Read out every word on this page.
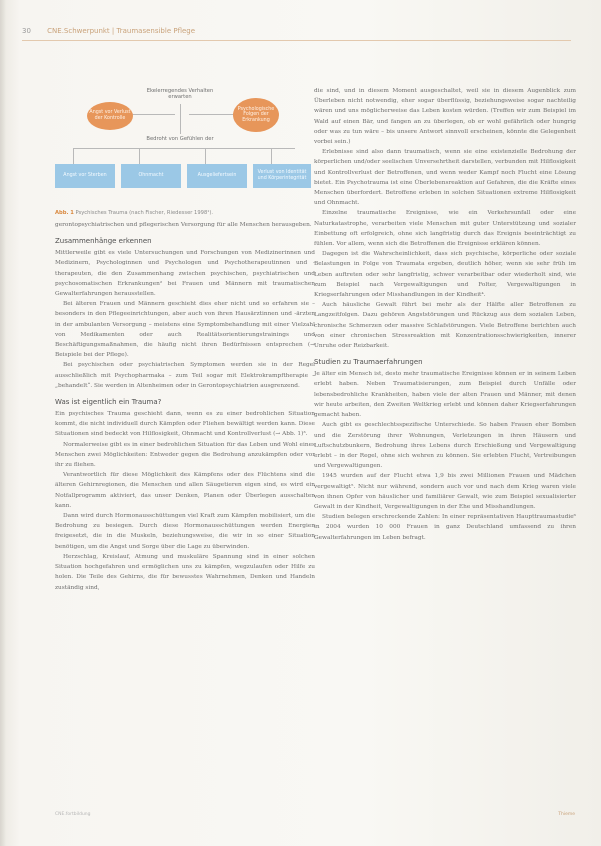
30 CNE.Schwerpunkt | Traumasensible Pflege
Ekelerregendes Verhalten
erwarten
Angst vor Verlust der Kontrolle
Psychologische Folgen der Erkrankung
Bedroht von Gefühlen der
Angst vor Sterben	Ohnmacht	Ausgeliefertsein
Verlust von Identität und Körperintegrität
Abb. 1 Psychisches Trauma (nach Fischer, Riedesser 1998¹).

gerontopsychiatrischen und pflegerischen Versorgung für alle Menschen herausgeben.

Zusammenhänge erkennen

Mittlerweile gibt es viele Untersuchungen und Forschungen von Medizinerinnen und Medizinern, Psychologinnen und Psychologen und Psychotherapeutinnen und -therapeuten, die den Zusammenhang zwischen psychischen, psychiatrischen und psychosomatischen Erkrankungen² bei Frauen und Männern mit traumatischen Gewalterfahrungen herausstellen.

Bei älteren Frauen und Männern geschieht dies eher nicht und so erfahren sie – besonders in den Pflegeeinrichtungen, aber auch von ihren Hausärztinnen und -ärzten in der ambulanten Versorgung – meistens eine Symptombehandlung mit einer Vielzahl von Medikamenten oder auch Realitätsorientierungstrainings und Beschäftigungsmaßnahmen, die häufig nicht ihren Bedürfnissen entsprechen (→ Beispiele bei der Pflege).

Bei psychischen oder psychiatrischen Symptomen werden sie in der Regel ausschließlich mit Psychopharmaka – zum Teil sogar mit Elektrokrampftherapie – „behandelt“. Sie werden in Altenheimen oder in Gerontopsychiatrien ausgrenzend.

Was ist eigentlich ein Trauma?

Ein psychisches Trauma geschieht dann, wenn es zu einer bedrohlichen Situation kommt, die nicht individuell durch Kämpfen oder Fliehen bewältigt werden kann. Diese Situationen sind bedeckt von Hilflosigkeit, Ohnmacht und Kontrollverlust (→ Abb. 1)³.

Normalerweise gibt es in einer bedrohlichen Situation für das Leben und Wohl eines Menschen zwei Möglichkeiten: Entweder gegen die Bedrohung anzukämpfen oder vor ihr zu fliehen.

Verantwortlich für diese Möglichkeit des Kämpfens oder des Flüchtens sind die älteren Gehirnregionen, die Menschen und allen Säugetieren eigen sind, es wird ein Notfallprogramm aktiviert, das unser Denken, Planen oder Überlegen ausschalten kann.

Dann wird durch Hormonausschüttungen viel Kraft zum Kämpfen mobilisiert, um die Bedrohung zu besiegen. Durch diese Hormonausschüttungen werden Energien freigesetzt, die in die Muskeln, beziehungsweise, die wir in so einer Situation benötigen, um die Angst und Sorge über die Lage zu überwinden.

Herzschlag, Kreislauf, Atmung und muskuläre Spannung sind in einer solchen Situation hochgefahren und ermöglichen uns zu kämpfen, wegzulaufen oder Hilfe zu holen. Die Teile des Gehirns, die für bewusstes Wahrnehmen, Denken und Handeln zuständig sind,

die sind, und in diesem Moment ausgeschaltet, weil sie in diesem Augenblick zum Überleben nicht notwendig, eher sogar überflüssig, beziehungsweise sogar nachteilig wären und uns möglicherweise das Leben kosten würden. (Treffen wir zum Beispiel im Wald auf einen Bär, und fangen an zu überlegen, ob er wohl gefährlich oder hungrig oder was zu tun wäre – bis unsere Antwort sinnvoll erscheinen, könnte die Gelegenheit vorbei sein.)

Erlebnisse sind also dann traumatisch, wenn sie eine existenzielle Bedrohung der körperlichen und/oder seelischen Unversehrtheit darstellen, verbunden mit Hilflosigkeit und Kontrollverlust der Betroffenen, und wenn weder Kampf noch Flucht eine Lösung bietet. Ein Psychotrauma ist eine Überlebensreaktion auf Gefahren, die die Kräfte eines Menschen überfordert. Betroffene erleben in solchen Situationen extreme Hilflosigkeit und Ohnmacht.

Einzelne traumatische Ereignisse, wie ein Verkehrsunfall oder eine Naturkatastrophe, verarbeiten viele Menschen mit guter Unterstützung und sozialer Einbettung oft erfolgreich, ohne sich langfristig durch das Ereignis beeinträchtigt zu fühlen. Vor allem, wenn sich die Betroffenen die Ereignisse erklären können.

Dagegen ist die Wahrscheinlichkeit, dass sich psychische, körperliche oder soziale Belastungen in Folge von Traumata ergeben, deutlich höher, wenn sie sehr früh im Leben auftreten oder sehr langfristig, schwer verarbeitbar oder wiederholt sind, wie zum Beispiel nach Vergewaltigungen und Folter, Vergewaltigungen in Kriegserfahrungen oder Misshandlungen in der Kindheit⁴.

Auch häusliche Gewalt führt bei mehr als der Hälfte aller Betroffenen zu Langzeitfolgen. Dazu gehören Angststörungen und Rückzug aus dem sozialen Leben, chronische Schmerzen oder massive Schlafstörungen. Viele Betroffene berichten auch von einer chronischen Stressreaktion mit Konzentrationsschwierigkeiten, innerer Unruhe oder Reizbarkeit.

Studien zu Traumaerfahrungen

Je älter ein Mensch ist, desto mehr traumatische Ereignisse können er in seinem Leben erlebt haben. Neben Traumatisierungen, zum Beispiel durch Unfälle oder lebensbedrohliche Krankheiten, haben viele der alten Frauen und Männer, mit denen wir heute arbeiten, den Zweiten Weltkrieg erlebt und können daher Kriegserfahrungen gemacht haben.

Auch gibt es geschlechtsspezifische Unterschiede. So haben Frauen eher Bomben und die Zerstörung ihrer Wohnungen, Verletzungen in ihren Häusern und Luftschutzbunkern, Bedrohung ihres Lebens durch Erschießung und Vergewaltigung erlebt – in der Regel, ohne sich wehren zu können. Sie erlebten Flucht, Vertreibungen und Vergewaltigungen.

1945 wurden auf der Flucht etwa 1,9 bis zwei Millionen Frauen und Mädchen vergewaltigt⁵. Nicht nur während, sondern auch vor und nach dem Krieg waren viele von ihnen Opfer von häuslicher und familiärer Gewalt, wie zum Beispiel sexualisierter Gewalt in der Kindheit, Vergewaltigungen in der Ehe und Misshandlungen.

Studien belegen erschreckende Zahlen: In einer repräsentativen Haupttraumastudie⁶ in 2004 wurden 10 000 Frauen in ganz Deutschland umfassend zu ihren Gewalterfahrungen im Leben befragt.

CNE.fortbildung	Thieme
